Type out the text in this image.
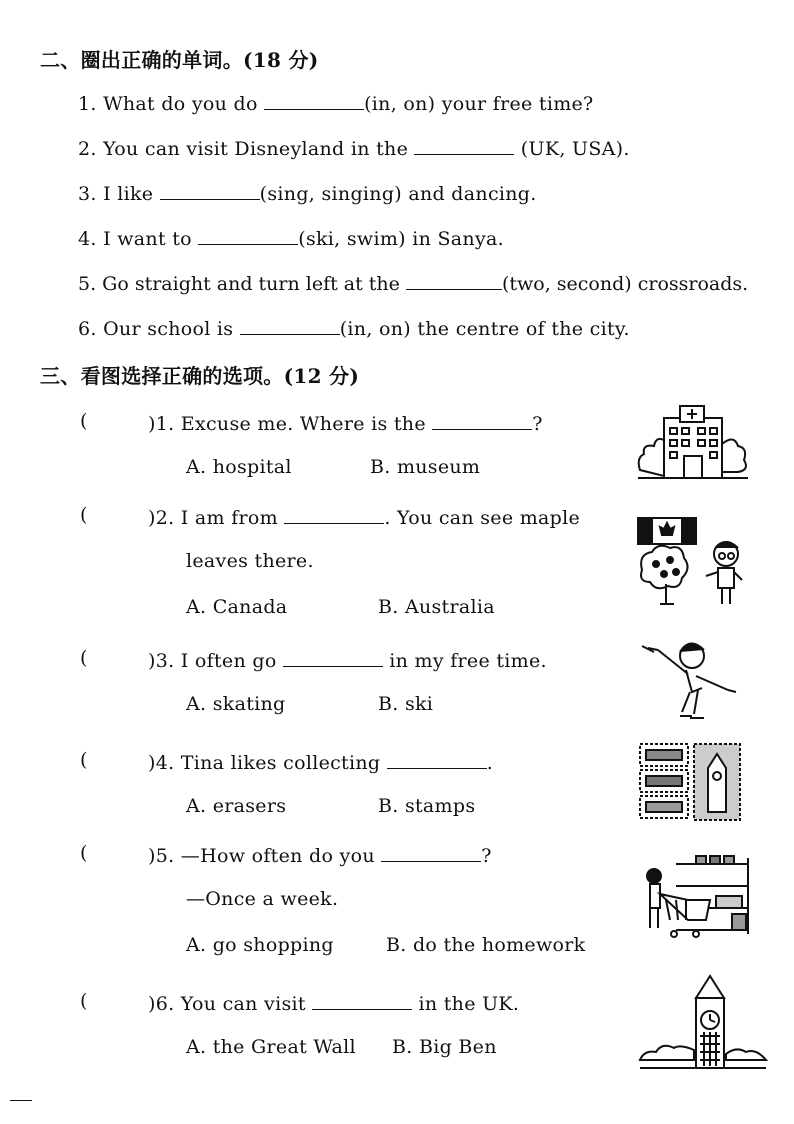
二、圈出正确的单词。(18 分)
1. What do you do	(in, on) your free time?
2. You can visit Disneyland in the	(UK, USA).
3. I like	(sing, singing) and dancing.
4. I want to	(ski, swim) in Sanya.
5. Go straight and turn left at the	(two, second) crossroads.
6. Our school is	(in, on) the centre of the city.
三、看图选择正确的选项。(12 分)
(	)1. Excuse me. Where is the	?
A. hospital	B. museum
(	)2. I am from	. You can see maple
leaves there.
A. Canada	B. Australia
(	)3. I often go	in my free time.
A. skating	B. ski
(	)4. Tina likes collecting	.
A. erasers	B. stamps
(	)5. —How often do you	?
—Once a week.
A. go shopping	B. do the homework
(	)6. You can visit	in the UK.
A. the Great Wall B. Big Ben
